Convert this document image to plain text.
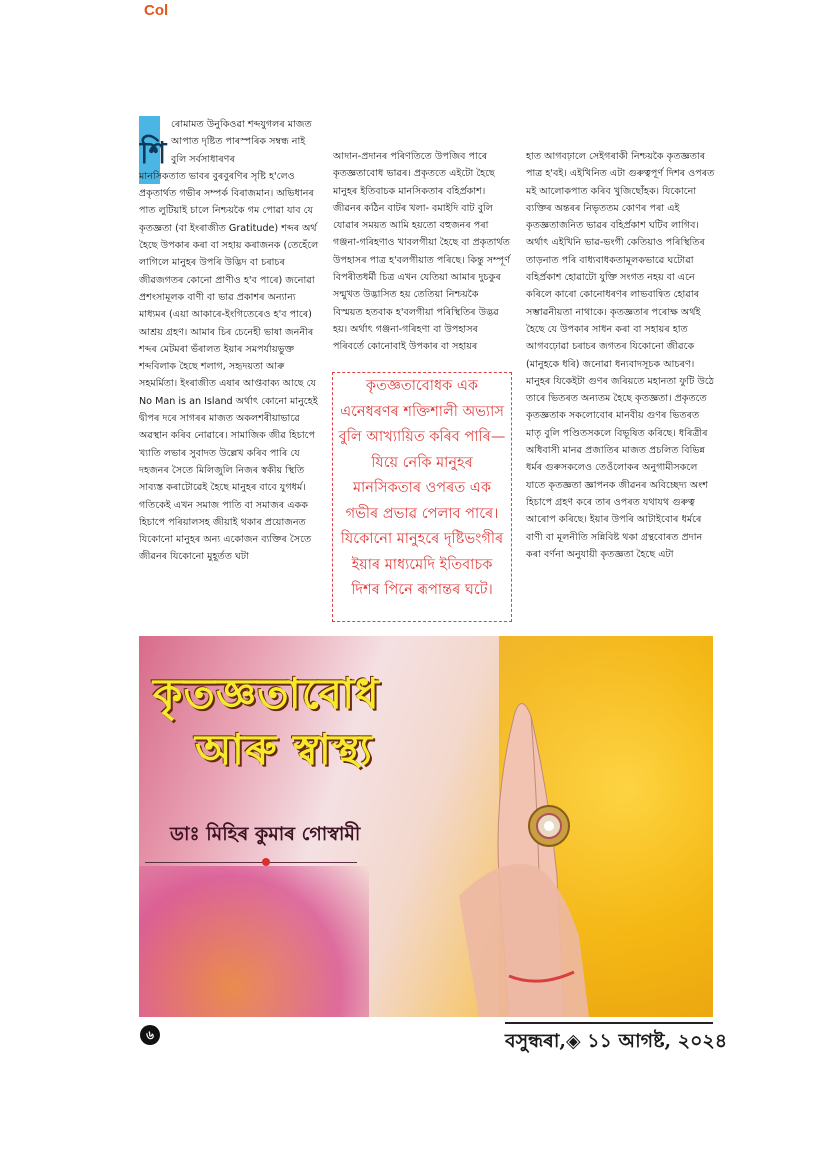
Col
শি

ৰোমামত উনুকিওৱা শব্দযুগলৰ মাজত আপাত দৃষ্টিত পাৰস্পৰিক সম্বন্ধ নাই বুলি সৰ্বসাধাৰণৰ

মানসিকতাত ভাবৰ বুৰবুৰণিৰ সৃষ্টি হ'লেও প্ৰকৃতাৰ্থত গভীৰ সম্পৰ্ক বিৰাজমান। অভিধানৰ পাত লুটিয়াই চালে নিশ্চয়কৈ গম পোৱা যাব যে কৃতজ্ঞতা (বা ইংৰাজীত Gratitude) শব্দৰ অৰ্থ হৈছে উপকাৰ কৰা বা সহায় কৰাজনক (তেহেঁলে লাগিলে মানুহৰ উপৰি উদ্ভিদ বা চৰাচৰ জীৱজগতৰ কোনো প্ৰাণীও হ'ব পাৰে) জনোৱা প্ৰশংসামূলক বাণী বা ভাৱ প্ৰকাশৰ অন্যান্য মাধ্যমৰ (এয়া আকাৰে-ইংগিতেৰেও হ'ব পাৰে) আশ্ৰয় গ্ৰহণ। আমাৰ চিৰ চেনেহী ভাষা জননীৰ শব্দৰ মেটমৰা ভঁৰালত ইয়াৰ সমপৰ্যায়ভুক্ত শব্দবিলাক হৈছে শলাগ, সহৃদয়তা আৰু সহমৰ্মিতা। ইংৰাজীত এষাৰ আপ্তবাক্য আছে যে No Man is an Island অৰ্থাৎ কোনো মানুহেই দ্বীপৰ দৰে সাগৰৰ মাজত অকলশৰীয়াভাৱে অৱস্থান কৰিব নোৱাৰে। সামাজিক জীৱ হিচাপে খ্যাতি লভাৰ সুবাদত উল্লেখ কৰিব পাৰি যে দহজনৰ সৈতে মিলিজুলি নিজৰ স্বকীয় স্থিতি সাব্যস্ত কৰাটোৱেই হৈছে মানুহৰ বাবে যুগধৰ্ম। গতিকেই এখন সমাজ পাতি বা সমাজৰ একক হিচাপে পৰিয়ালসহ জীয়াই থকাৰ প্ৰয়োজনত যিকোনো মানুহৰ অন্য একোজন ব্যক্তিৰ সৈতে জীৱনৰ যিকোনো মুহূৰ্তত ঘটা

আদান-প্ৰদানৰ পৰিণতিতে উপজিব পাৰে কৃতজ্ঞতাবোধ ভাৱৰ। প্ৰকৃততে এইটো হৈছে মানুহৰ ইতিবাচক মানসিকতাৰ বহিৰ্প্ৰকাশ। জীৱনৰ কঠিন বাটৰ খলা- বমাইদি বাট বুলি যোৱাৰ সময়ত আমি হয়তো বহুজনৰ পৰা গঞ্জনা-গৰিহণাও খাবলগীয়া হৈছে বা প্ৰকৃতাৰ্থত উপহাসৰ পাত্ৰ হ'বলগীয়াত পৰিছে। কিন্তু সম্পূৰ্ণ বিপৰীতধৰ্মী চিত্ৰ এখন যেতিয়া আমাৰ দুচকুৰ সন্মুখত উদ্ভাসিত হয় তেতিয়া নিশ্চয়কৈ বিস্ময়ত হতবাক হ'বলগীয়া পৰিস্থিতিৰ উদ্ভৱ হয়। অৰ্থাৎ গঞ্জনা-গৰিহণা বা উপহাসৰ পৰিবৰ্তে কোনোবাই উপকাৰ বা সহায়ৰ

কৃতজ্ঞতাবোধক এক এনেধৰণৰ শক্তিশালী অভ্যাস বুলি আখ্যায়িত কৰিব পাৰি— যিয়ে নেকি মানুহৰ মানসিকতাৰ ওপৰত এক গভীৰ প্ৰভাৱ পেলাব পাৰে। যিকোনো মানুহৰে দৃষ্টিভংগীৰ ইয়াৰ মাধ্যমেদি ইতিবাচক দিশৰ পিনে ৰূপান্তৰ ঘটে।

হাত আগবঢ়ালে সেইগৰাকী নিশ্চয়কৈ কৃতজ্ঞতাৰ পাত্ৰ হ'বই। এইখিনিত এটা গুৰুত্বপূৰ্ণ দিশৰ ওপৰত মই আলোকপাত কৰিব খুজিছোঁহক। যিকোনো ব্যক্তিৰ অন্তৰৰ নিভৃততম কোণৰ পৰা এই কৃতজ্ঞতাজনিত ভাৱৰ বহিৰ্প্ৰকাশ ঘটিব লাগিব। অৰ্থাৎ এইখিনি ভাৱ-ভংগী কেতিয়াও পৰিস্থিতিৰ তাড়নাত পৰি বাধ্যবাধকতামূলকভাৱে ঘটোৱা বহিৰ্প্ৰকাশ হোৱাটো যুক্তি সংগত নহয় বা এনে কৰিলে কাৰো কোনোধৰণৰ লাভবান্বিত হোৱাৰ সম্ভাৱনীয়তা নাথাকে। কৃতজ্ঞতাৰ পৰোক্ষ অৰ্থই হৈছে যে উপকাৰ সাধন কৰা বা সহায়ৰ হাত আগবঢ়োৱা চৰাচৰ জগতৰ যিকোনো জীৱকে (মানুহকে ধৰি) জনোৱা ধন্যবাদসূচক আচৰণ। মানুহৰ যিকেইটা গুণৰ জৰিয়তে মহানতা ফুটি উঠে তাৰে ভিতৰত অন্যতম হৈছে কৃতজ্ঞতা। প্ৰকৃততে কৃতজ্ঞতাক সকলোবোৰ মানবীয় গুণৰ ভিতৰত মাতৃ বুলি পণ্ডিতসকলে বিভূষিত কৰিছে। ধৰিত্ৰীৰ অধিবাসী মানৱ প্ৰজাতিৰ মাজত প্ৰচলিত বিভিন্ন ধৰ্মৰ গুৰুসকলেও তেওঁলোকৰ অনুগামীসকলে যাতে কৃতজ্ঞতা জ্ঞাপনক জীৱনৰ অবিচ্ছেদ্য অংশ হিচাপে গ্ৰহণ কৰে তাৰ ওপৰত যথাযথ গুৰুত্ব আৰোপ কৰিছে। ইয়াৰ উপৰি আটাইবোৰ ধৰ্মৰে বাণী বা মূলনীতি সন্নিবিষ্ট থকা গ্ৰন্থবোৰত প্ৰদান কৰা বৰ্ণনা অনুযায়ী কৃতজ্ঞতা হৈছে এটা

কৃতজ্ঞতাবোধ
আৰু স্বাস্থ্য
ডাঃ মিহিৰ কুমাৰ গোস্বামী
৬	বসুন্ধৰা,◈ ১১ আগষ্ট, ২০২৪
